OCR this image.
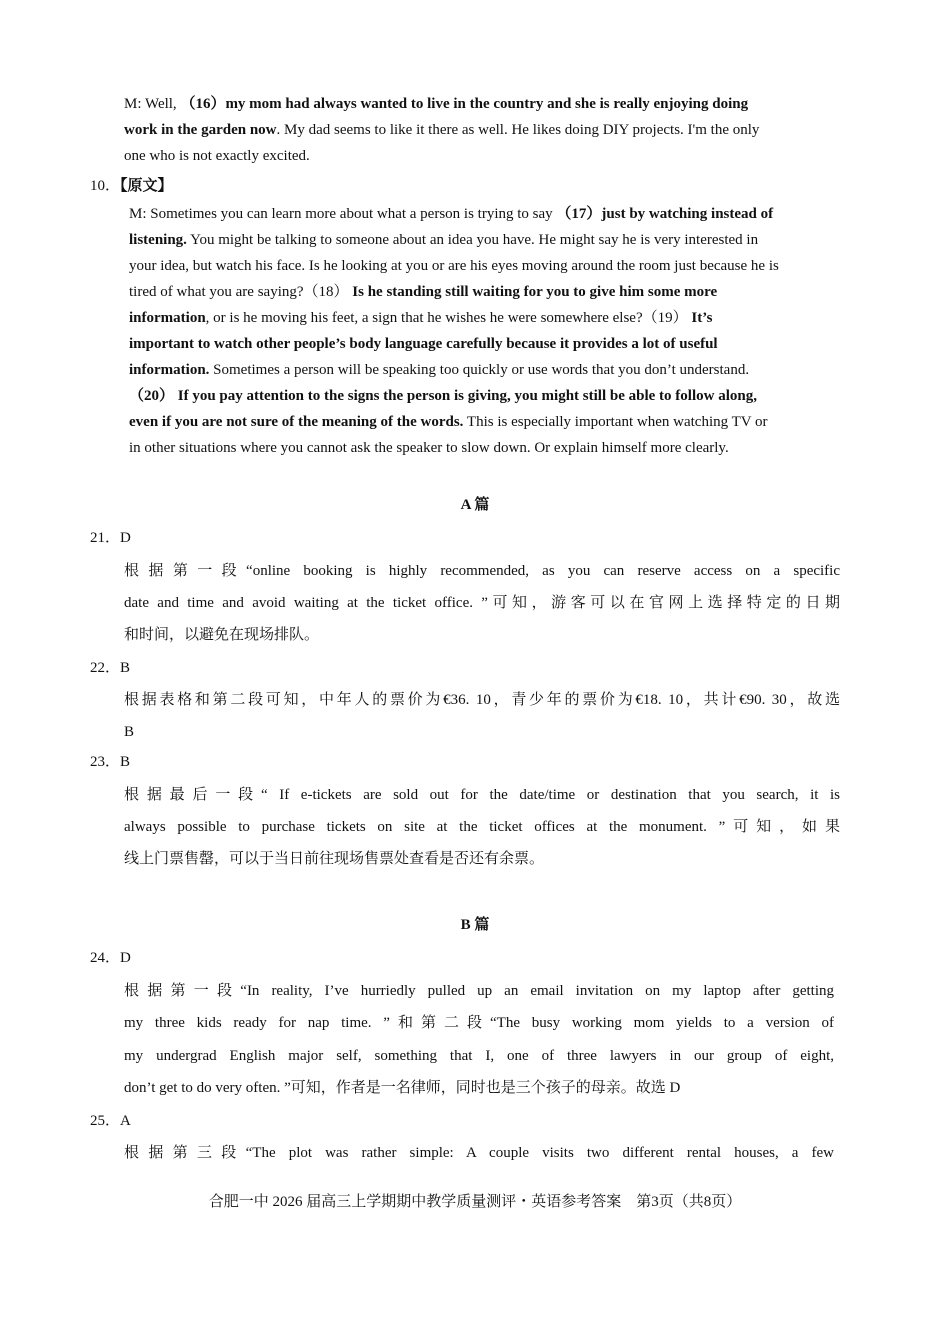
M: Well, （16）my mom had always wanted to live in the country and she is really enjoying doing
work in the garden now. My dad seems to like it there as well. He likes doing DIY projects. I'm the only
one who is not exactly excited.
10．【原文】
M: Sometimes you can learn more about what a person is trying to say （17）just by watching instead of
listening. You might be talking to someone about an idea you have. He might say he is very interested in
your idea, but watch his face. Is he looking at you or are his eyes moving around the room just because he is
tired of what you are saying?（18） Is he standing still waiting for you to give him some more
information, or is he moving his feet, a sign that he wishes he were somewhere else?（19） It’s
important to watch other people’s body language carefully because it provides a lot of useful
information. Sometimes a person will be speaking too quickly or use words that you don’t understand.
（20） If you pay attention to the signs the person is giving, you might still be able to follow along,
even if you are not sure of the meaning of the words. This is especially important when watching TV or
in other situations where you cannot ask the speaker to slow down. Or explain himself more clearly.
A 篇
21．D
根据第一段“online booking is highly recommended, as you can reserve access on a specific
date and time and avoid waiting at the ticket office. ”可知，游客可以在官网上选择特定的日期
和时间，以避免在现场排队。
22．B
根据表格和第二段可知，中年人的票价为€36. 10，青少年的票价为€18. 10，共计€90. 30，故选
B
23．B
根据最后一段“ If e-tickets are sold out for the date/time or destination that you search, it is
always possible to purchase tickets on site at the ticket offices at the monument. ”可知，如果
线上门票售罄，可以于当日前往现场售票处查看是否还有余票。
B 篇
24．D
根据第一段“In reality, I’ve hurriedly pulled up an email invitation on my laptop after getting
my three kids ready for nap time. ”和第二段“The busy working mom yields to a version of
my undergrad English major self, something that I, one of three lawyers in our group of eight,
don’t get to do very often. ”可知，作者是一名律师，同时也是三个孩子的母亲。故选 D
25．A
根据第三段“The plot was rather simple: A couple visits two different rental houses, a few
合肥一中 2026 届高三上学期期中教学质量测评・英语参考答案　第3页（共8页）
